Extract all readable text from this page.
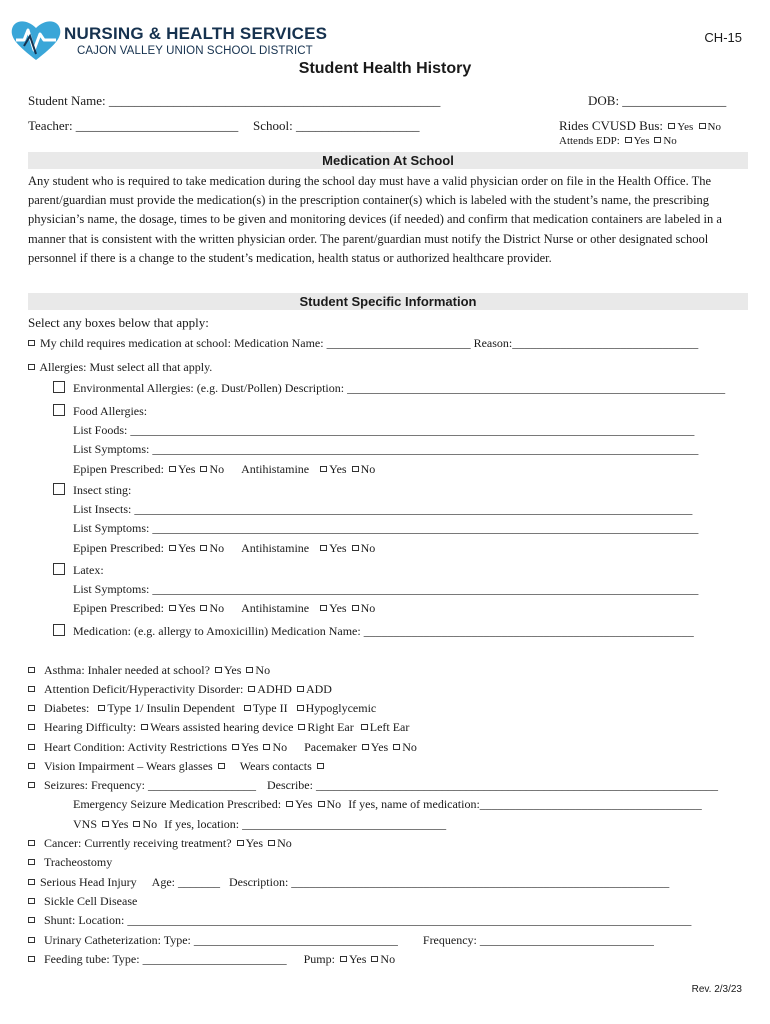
NURSING & HEALTH SERVICES
CAJON VALLEY UNION SCHOOL DISTRICT
CH-15
Student Health History
Student Name: ___________________________________________________	DOB: ________________
Teacher: _________________________ School: ___________________	Rides CVUSD Bus: Yes No
Attends EDP: Yes No
Medication At School
Any student who is required to take medication during the school day must have a valid physician order on file in the Health Office. The parent/guardian must provide the medication(s) in the prescription container(s) which is labeled with the student’s name, the prescribing physician’s name, the dosage, times to be given and monitoring devices (if needed) and confirm that medication containers are labeled in a manner that is consistent with the written physician order. The parent/guardian must notify the District Nurse or other designated school personnel if there is a change to the student’s medication, health status or authorized healthcare provider.
Student Specific Information
Select any boxes below that apply:
My child requires medication at school: Medication Name: ________________________ Reason:_______________________________
Allergies: Must select all that apply.
Environmental Allergies: (e.g. Dust/Pollen) Description: _______________________________________________________________
Food Allergies:
List Foods: ______________________________________________________________________________________________
List Symptoms: ___________________________________________________________________________________________
Epipen Prescribed: Yes No Antihistamine Yes No
Insect sting:
List Insects: _____________________________________________________________________________________________
List Symptoms: ___________________________________________________________________________________________
Epipen Prescribed: Yes No Antihistamine Yes No
Latex:
List Symptoms: ___________________________________________________________________________________________
Epipen Prescribed: Yes No Antihistamine Yes No
Medication: (e.g. allergy to Amoxicillin) Medication Name: _______________________________________________________
Asthma: Inhaler needed at school? Yes No
Attention Deficit/Hyperactivity Disorder: ADHD ADD
Diabetes: Type 1/ Insulin Dependent Type II Hypoglycemic
Hearing Difficulty: Wears assisted hearing device Right Ear Left Ear
Heart Condition: Activity Restrictions Yes No Pacemaker Yes No
Vision Impairment – Wears glasses Wears contacts
Seizures: Frequency: __________________ Describe: ___________________________________________________________________
Emergency Seizure Medication Prescribed: Yes No If yes, name of medication:_____________________________________
VNS Yes No If yes, location: __________________________________
Cancer: Currently receiving treatment? Yes No
Tracheostomy
Serious Head Injury Age: _______ Description: _______________________________________________________________
Sickle Cell Disease
Shunt: Location: ______________________________________________________________________________________________
Urinary Catheterization: Type: __________________________________ Frequency: _____________________________
Feeding tube: Type: ________________________ Pump: Yes No
Rev. 2/3/23
